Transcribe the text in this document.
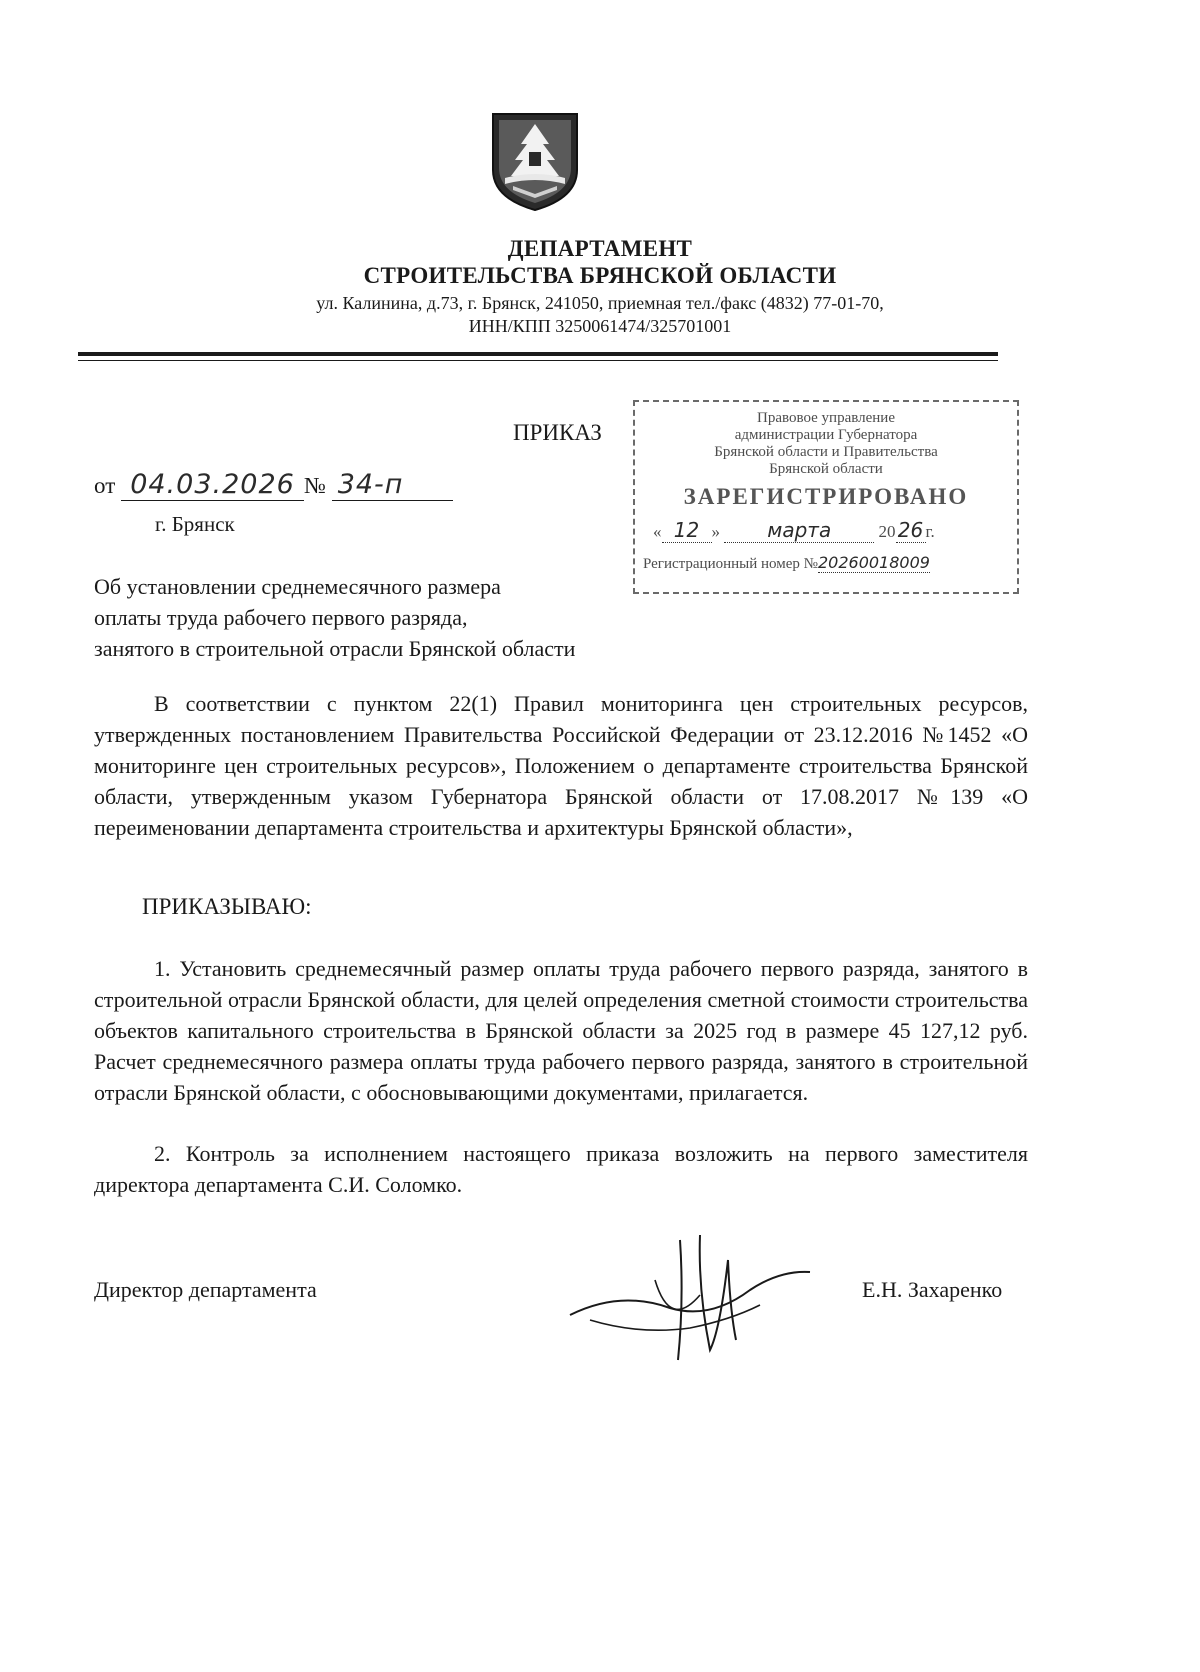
ДЕПАРТАМЕНТ
СТРОИТЕЛЬСТВА БРЯНСКОЙ ОБЛАСТИ
ул. Калинина, д.73, г. Брянск, 241050, приемная тел./факс (4832) 77-01-70,
ИНН/КПП 3250061474/325701001
ПРИКАЗ
от 04.03.2026 № 34-п
г. Брянск
Правовое управление
администрации Губернатора
Брянской области и Правительства
Брянской области
ЗАРЕГИСТРИРОВАНО
« 12 » марта	20 26 г.
Регистрационный номер №20260018009
Об установлении среднемесячного размера
оплаты труда рабочего первого разряда,
занятого в строительной отрасли Брянской области
В соответствии с пунктом 22(1) Правил мониторинга цен строительных ресурсов, утвержденных постановлением Правительства Российской Федерации от 23.12.2016 №1452 «О мониторинге цен строительных ресурсов», Положением о департаменте строительства Брянской области, утвержденным указом Губернатора Брянской области от 17.08.2017 №139 «О переименовании департамента строительства и архитектуры Брянской области»,
ПРИКАЗЫВАЮ:
1. Установить среднемесячный размер оплаты труда рабочего первого разряда, занятого в строительной отрасли Брянской области, для целей определения сметной стоимости строительства объектов капитального строительства в Брянской области за 2025 год в размере 45 127,12 руб. Расчет среднемесячного размера оплаты труда рабочего первого разряда, занятого в строительной отрасли Брянской области, с обосновывающими документами, прилагается.
2. Контроль за исполнением настоящего приказа возложить на первого заместителя директора департамента С.И. Соломко.
Директор департамента	Е.Н. Захаренко
